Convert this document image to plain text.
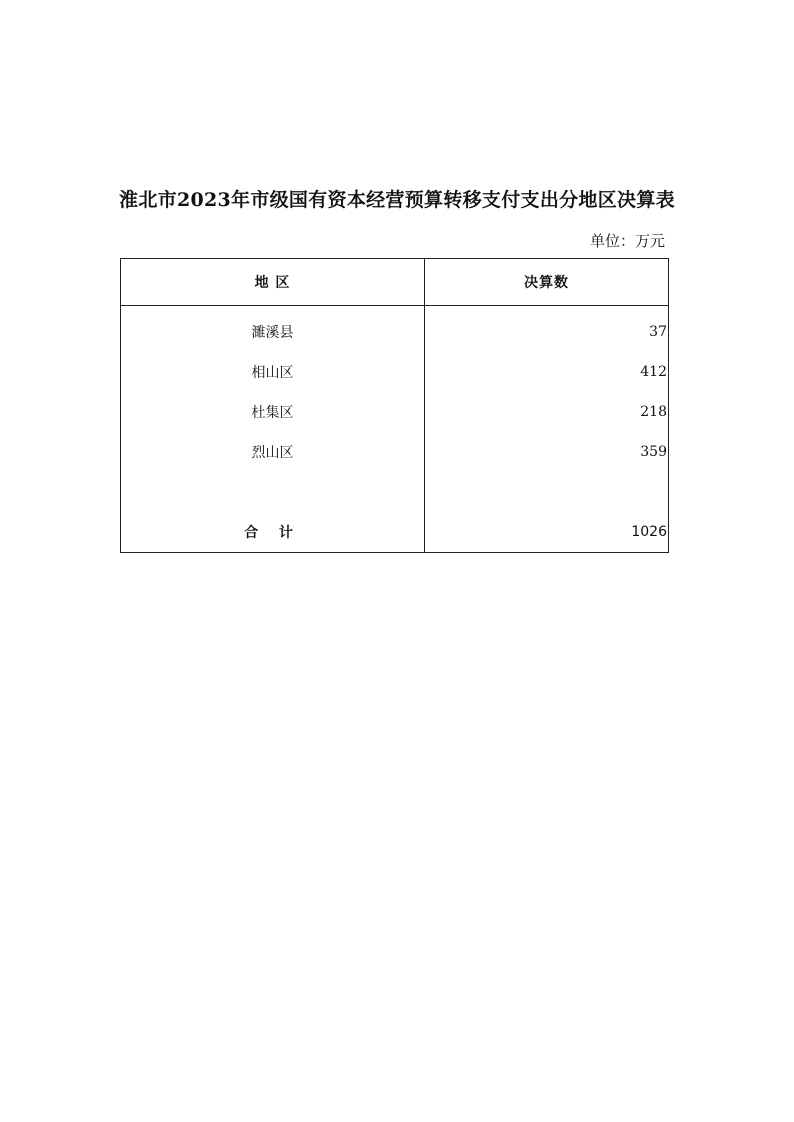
淮北市2023年市级国有资本经营预算转移支付支出分地区决算表
单位：万元
地 区	决算数
濉溪县	37
相山区	412
杜集区	218
烈山区	359

合 计	1026
